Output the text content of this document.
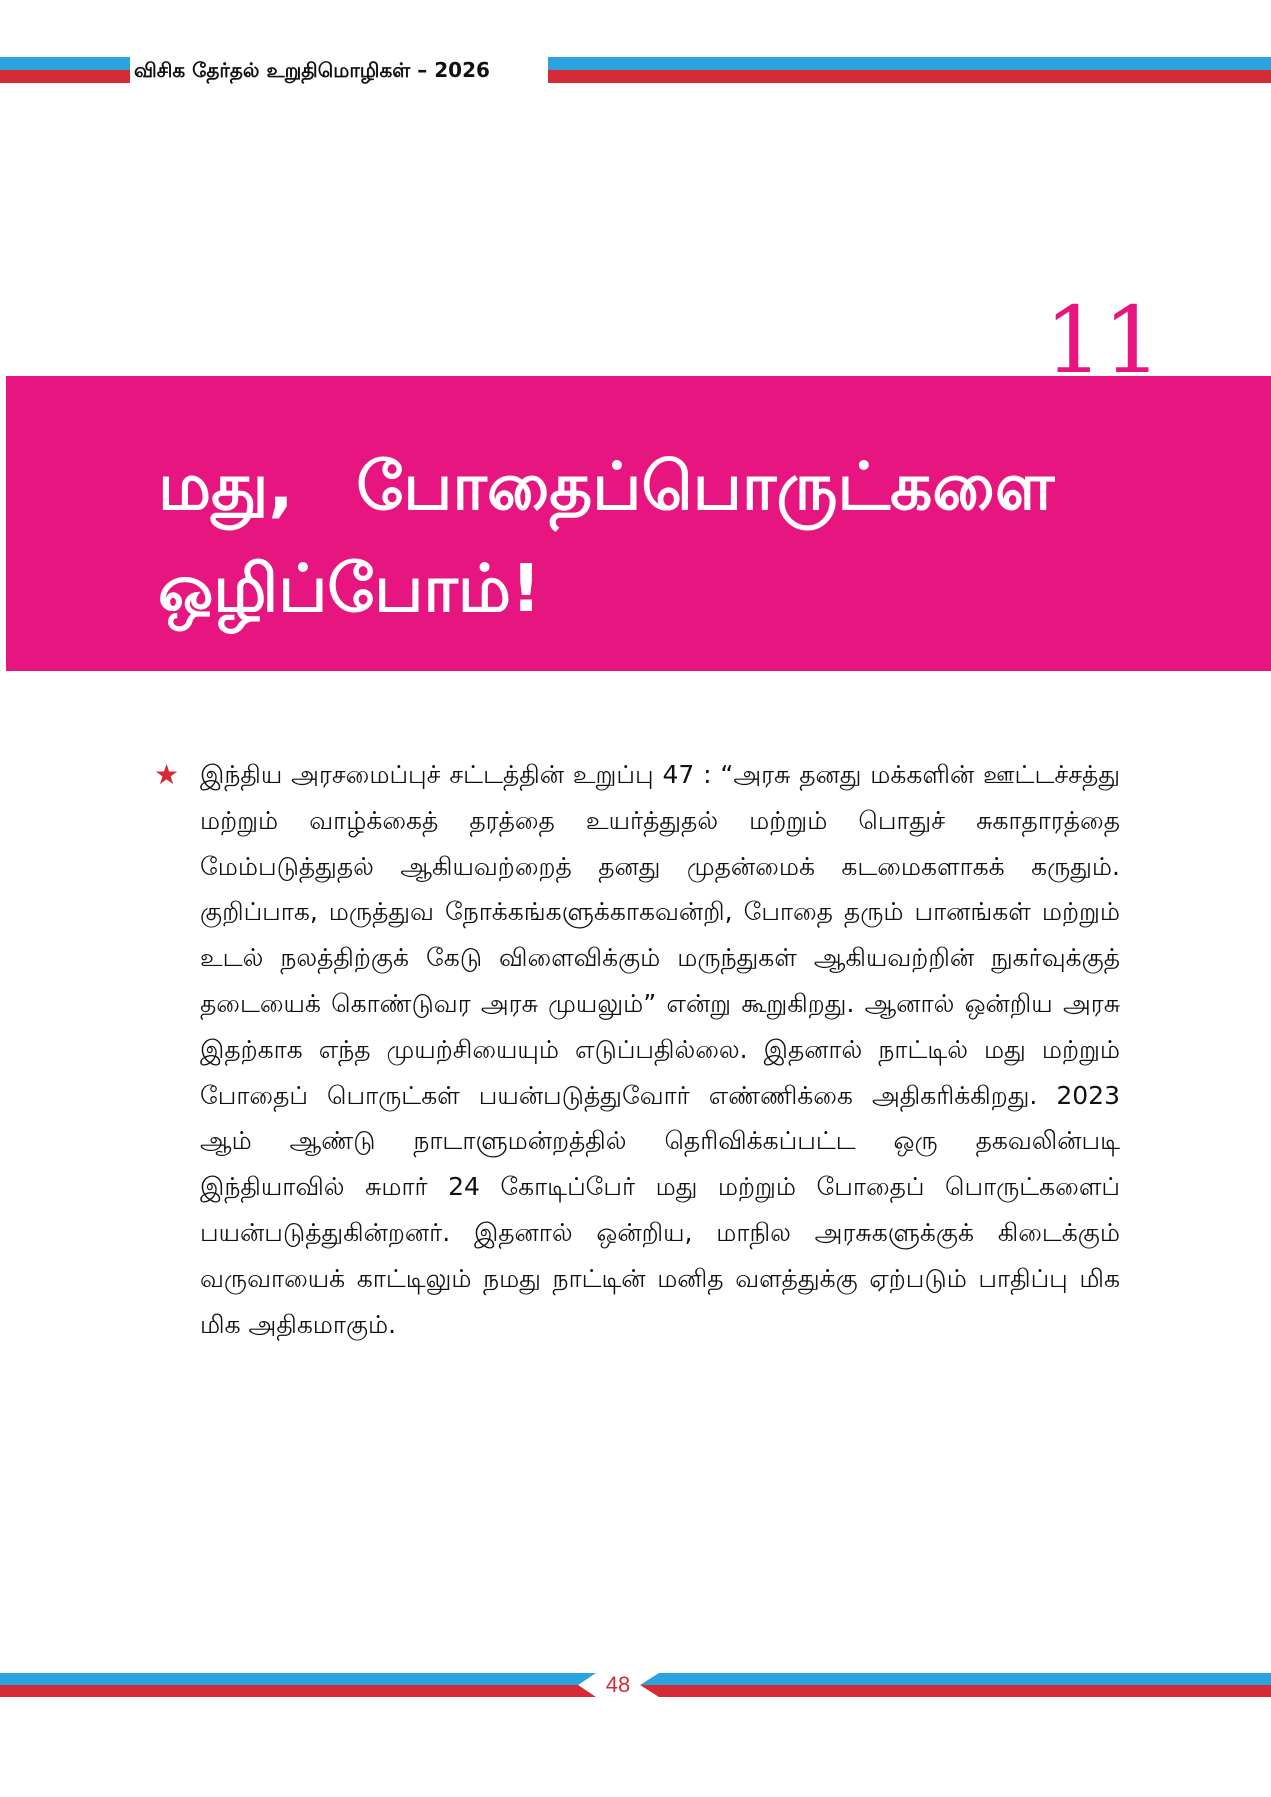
விசிக தேர்தல் உறுதிமொழிகள் – 2026
11
மது, போதைப்பொருட்களை
ஒழிப்போம்!
★ இந்திய அரசமைப்புச் சட்டத்தின் உறுப்பு 47 : “அரசு தனது மக்களின் ஊட்டச்சத்து மற்றும் வாழ்க்கைத் தரத்தை உயர்த்துதல் மற்றும் பொதுச் சுகாதாரத்தை மேம்படுத்துதல் ஆகியவற்றைத் தனது முதன்மைக் கடமைகளாகக் கருதும். குறிப்பாக, மருத்துவ நோக்கங்களுக்காகவன்றி, போதை தரும் பானங்கள் மற்றும் உடல் நலத்திற்குக் கேடு விளைவிக்கும் மருந்துகள் ஆகியவற்றின் நுகர்வுக்குத் தடையைக் கொண்டுவர அரசு முயலும்” என்று கூறுகிறது. ஆனால் ஒன்றிய அரசு இதற்காக எந்த முயற்சியையும் எடுப்பதில்லை. இதனால் நாட்டில் மது மற்றும் போதைப் பொருட்கள் பயன்படுத்துவோர் எண்ணிக்கை அதிகரிக்கிறது. 2023 ஆம் ஆண்டு நாடாளுமன்றத்தில் தெரிவிக்கப்பட்ட ஒரு தகவலின்படி இந்தியாவில் சுமார் 24 கோடிப்பேர் மது மற்றும் போதைப் பொருட்களைப் பயன்படுத்துகின்றனர். இதனால் ஒன்றிய, மாநில அரசுகளுக்குக் கிடைக்கும் வருவாயைக் காட்டிலும் நமது நாட்டின் மனித வளத்துக்கு ஏற்படும் பாதிப்பு மிக மிக அதிகமாகும்.

48
